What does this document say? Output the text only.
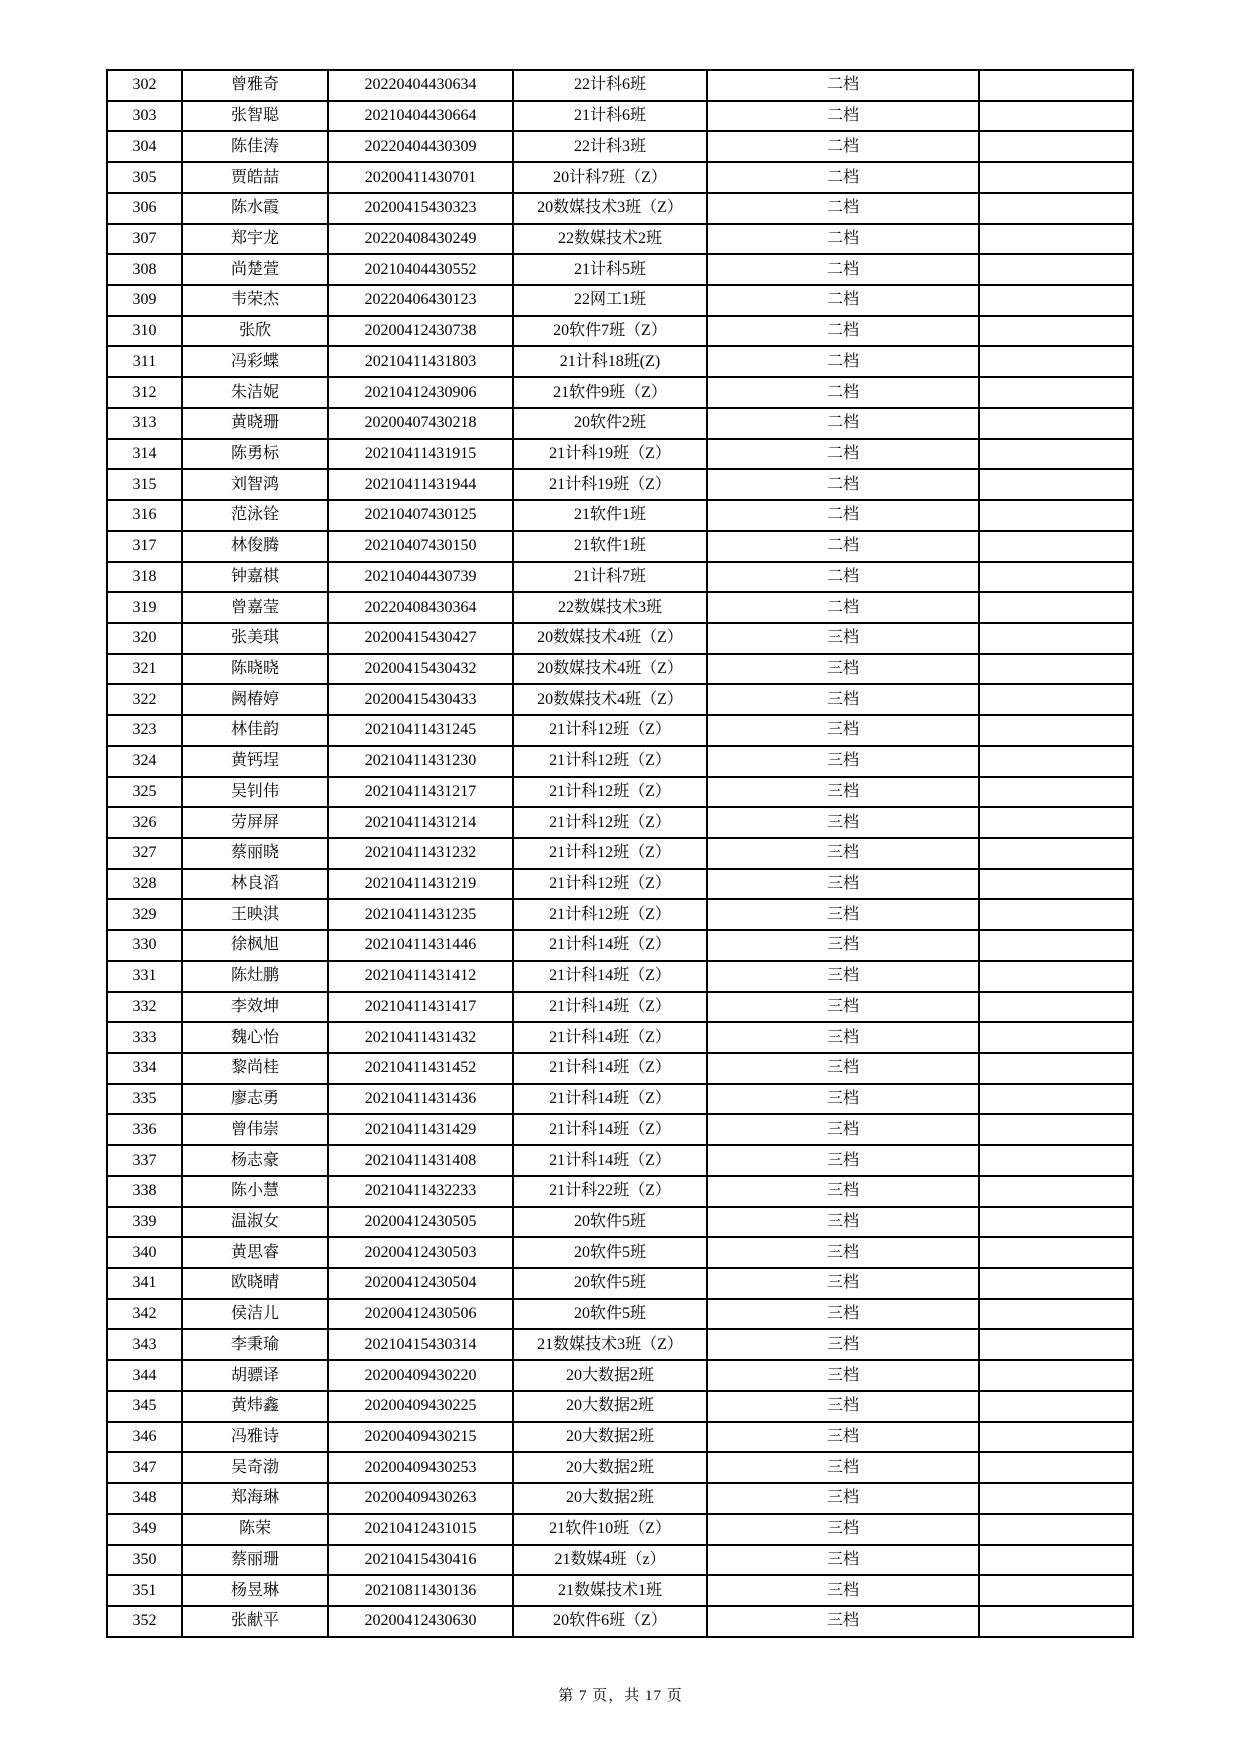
302	曾雅奇	20220404430634	22计科6班	二档	
303	张智聪	20210404430664	21计科6班	二档	
304	陈佳涛	20220404430309	22计科3班	二档	
305	贾皓喆	20200411430701	20计科7班（Z）	二档	
306	陈水霞	20200415430323	20数媒技术3班（Z）	二档	
307	郑宇龙	20220408430249	22数媒技术2班	二档	
308	尚楚萱	20210404430552	21计科5班	二档	
309	韦荣杰	20220406430123	22网工1班	二档	
310	张欣	20200412430738	20软件7班（Z）	二档	
311	冯彩蝶	20210411431803	21计科18班(Z)	二档	
312	朱洁妮	20210412430906	21软件9班（Z）	二档	
313	黄晓珊	20200407430218	20软件2班	二档	
314	陈勇标	20210411431915	21计科19班（Z）	二档	
315	刘智鸿	20210411431944	21计科19班（Z）	二档	
316	范泳铨	20210407430125	21软件1班	二档	
317	林俊腾	20210407430150	21软件1班	二档	
318	钟嘉棋	20210404430739	21计科7班	二档	
319	曾嘉莹	20220408430364	22数媒技术3班	二档	
320	张美琪	20200415430427	20数媒技术4班（Z）	三档	
321	陈晓晓	20200415430432	20数媒技术4班（Z）	三档	
322	阙椿婷	20200415430433	20数媒技术4班（Z）	三档	
323	林佳韵	20210411431245	21计科12班（Z）	三档	
324	黄钙埕	20210411431230	21计科12班（Z）	三档	
325	吴钊伟	20210411431217	21计科12班（Z）	三档	
326	劳屏屏	20210411431214	21计科12班（Z）	三档	
327	蔡丽晓	20210411431232	21计科12班（Z）	三档	
328	林良滔	20210411431219	21计科12班（Z）	三档	
329	王映淇	20210411431235	21计科12班（Z）	三档	
330	徐枫旭	20210411431446	21计科14班（Z）	三档	
331	陈灶鹏	20210411431412	21计科14班（Z）	三档	
332	李效坤	20210411431417	21计科14班（Z）	三档	
333	魏心怡	20210411431432	21计科14班（Z）	三档	
334	黎尚桂	20210411431452	21计科14班（Z）	三档	
335	廖志勇	20210411431436	21计科14班（Z）	三档	
336	曾伟崇	20210411431429	21计科14班（Z）	三档	
337	杨志豪	20210411431408	21计科14班（Z）	三档	
338	陈小慧	20210411432233	21计科22班（Z）	三档	
339	温淑女	20200412430505	20软件5班	三档	
340	黄思睿	20200412430503	20软件5班	三档	
341	欧晓晴	20200412430504	20软件5班	三档	
342	侯洁儿	20200412430506	20软件5班	三档	
343	李秉瑜	20210415430314	21数媒技术3班（Z）	三档	
344	胡骠译	20200409430220	20大数据2班	三档	
345	黄炜鑫	20200409430225	20大数据2班	三档	
346	冯雅诗	20200409430215	20大数据2班	三档	
347	吴奇渤	20200409430253	20大数据2班	三档	
348	郑海琳	20200409430263	20大数据2班	三档	
349	陈荣	20210412431015	21软件10班（Z）	三档	
350	蔡丽珊	20210415430416	21数媒4班（z）	三档	
351	杨昱琳	20210811430136	21数媒技术1班	三档	
352	张献平	20200412430630	20软件6班（Z）	三档	
第 7 页，共 17 页
